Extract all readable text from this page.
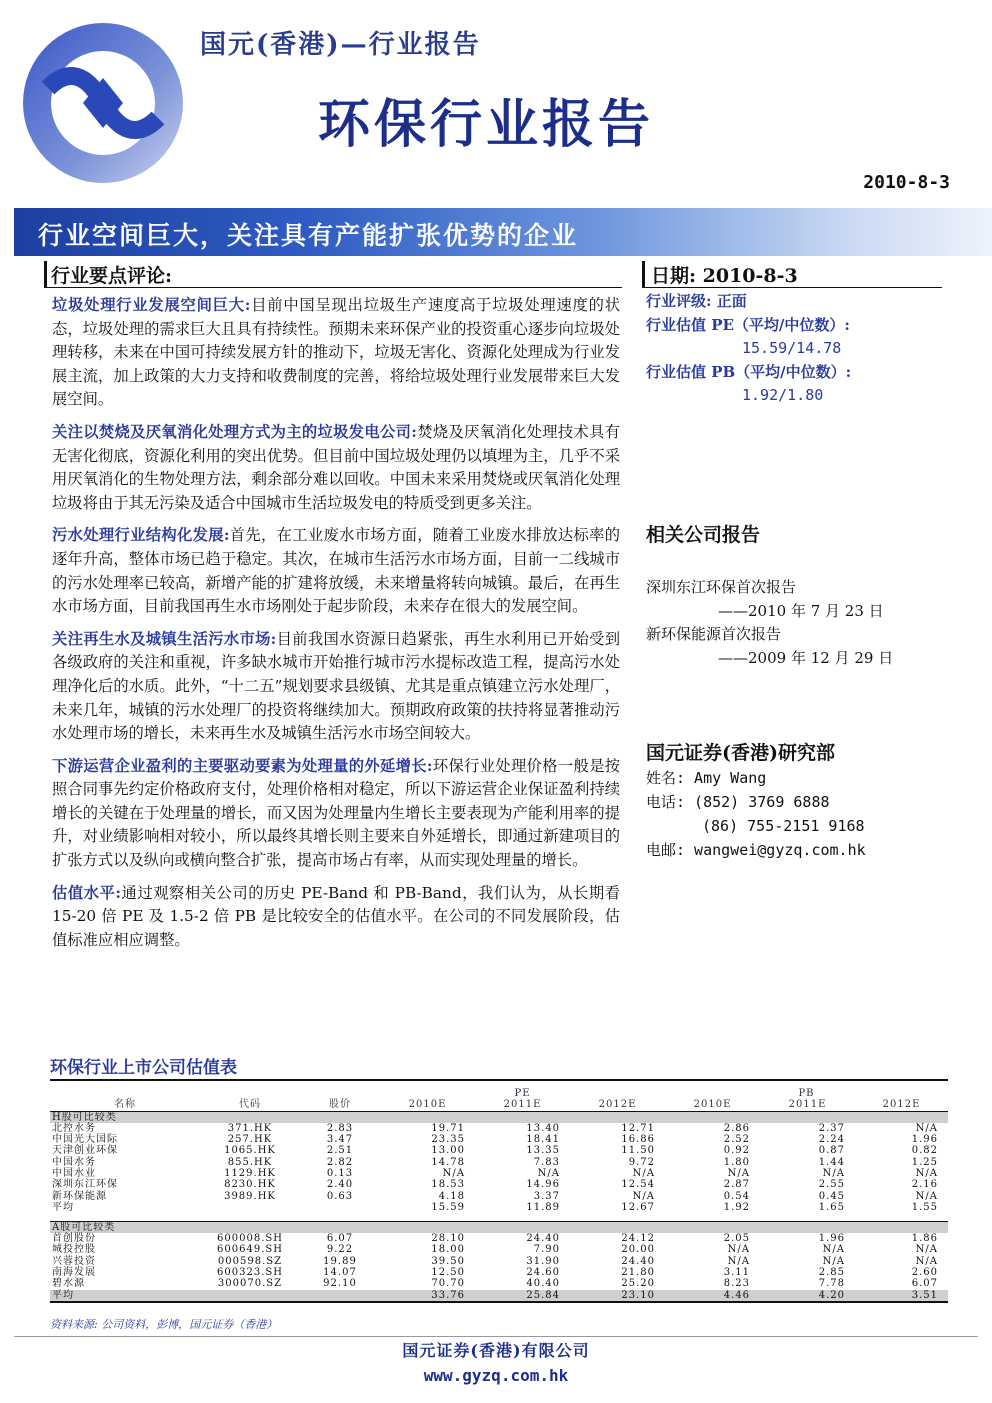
国元(香港)—行业报告
环保行业报告
2010-8-3
行业空间巨大，关注具有产能扩张优势的企业
行业要点评论:	日期: 2010-8-3

垃圾处理行业发展空间巨大:目前中国呈现出垃圾生产速度高于垃圾处理速度的状态，垃圾处理的需求巨大且具有持续性。预期未来环保产业的投资重心逐步向垃圾处理转移，未来在中国可持续发展方针的推动下，垃圾无害化、资源化处理成为行业发展主流，加上政策的大力支持和收费制度的完善，将给垃圾处理行业发展带来巨大发展空间。

关注以焚烧及厌氧消化处理方式为主的垃圾发电公司:焚烧及厌氧消化处理技术具有无害化彻底，资源化利用的突出优势。但目前中国垃圾处理仍以填埋为主，几乎不采用厌氧消化的生物处理方法，剩余部分难以回收。中国未来采用焚烧或厌氧消化处理垃圾将由于其无污染及适合中国城市生活垃圾发电的特质受到更多关注。

污水处理行业结构化发展:首先，在工业废水市场方面，随着工业废水排放达标率的逐年升高，整体市场已趋于稳定。其次，在城市生活污水市场方面，目前一二线城市的污水处理率已较高，新增产能的扩建将放缓，未来增量将转向城镇。最后，在再生水市场方面，目前我国再生水市场刚处于起步阶段，未来存在很大的发展空间。

关注再生水及城镇生活污水市场:目前我国水资源日趋紧张，再生水利用已开始受到各级政府的关注和重视，许多缺水城市开始推行城市污水提标改造工程，提高污水处理净化后的水质。此外，“十二五”规划要求县级镇、尤其是重点镇建立污水处理厂，未来几年，城镇的污水处理厂的投资将继续加大。预期政府政策的扶持将显著推动污水处理市场的增长，未来再生水及城镇生活污水市场空间较大。

下游运营企业盈利的主要驱动要素为处理量的外延增长:环保行业处理价格一般是按照合同事先约定价格政府支付，处理价格相对稳定，所以下游运营企业保证盈利持续增长的关键在于处理量的增长，而又因为处理量内生增长主要表现为产能利用率的提升，对业绩影响相对较小，所以最终其增长则主要来自外延增长，即通过新建项目的扩张方式以及纵向或横向整合扩张，提高市场占有率，从而实现处理量的增长。

估值水平:通过观察相关公司的历史 PE-Band 和 PB-Band，我们认为，从长期看 15-20 倍 PE 及 1.5-2 倍 PB 是比较安全的估值水平。在公司的不同发展阶段，估值标准应相应调整。

行业评级: 正面
行业估值 PE（平均/中位数）:
15.59/14.78
行业估值 PB（平均/中位数）:
1.92/1.80
相关公司报告
深圳东江环保首次报告
——2010 年 7 月 23 日
新环保能源首次报告
——2009 年 12 月 29 日
国元证券(香港)研究部
姓名: Amy Wang
电话: (852) 3769 6888
(86) 755-2151 9168
电邮: wangwei@gyzq.com.hk
环保行业上市公司估值表
			PE			PB		
名称	代码	股价	2010E	2011E	2012E	2010E	2011E	2012E
H股可比较类								
北控水务	371.HK	2.83	19.71	13.40	12.71	2.86	2.37	N/A
中国光大国际	257.HK	3.47	23.35	18.41	16.86	2.52	2.24	1.96
天津创业环保	1065.HK	2.51	13.00	13.35	11.50	0.92	0.87	0.82
中国水务	855.HK	2.82	14.78	7.83	9.72	1.80	1.44	1.25
中国水业	1129.HK	0.13	N/A	N/A	N/A	N/A	N/A	N/A
深圳东江环保	8230.HK	2.40	18.53	14.96	12.54	2.87	2.55	2.16
新环保能源	3989.HK	0.63	4.18	3.37	N/A	0.54	0.45	N/A
平均			15.59	11.89	12.67	1.92	1.65	1.55

A股可比较类								
首创股份	600008.SH	6.07	28.10	24.40	24.12	2.05	1.96	1.86
城投控股	600649.SH	9.22	18.00	7.90	20.00	N/A	N/A	N/A
兴蓉投资	000598.SZ	19.89	39.50	31.90	24.40	N/A	N/A	N/A
南海发展	600323.SH	14.07	12.50	24.60	21.80	3.11	2.85	2.60
碧水源	300070.SZ	92.10	70.70	40.40	25.20	8.23	7.78	6.07
平均			33.76	25.84	23.10	4.46	4.20	3.51
资料来源: 公司资料，彭博，国元证券（香港）
国元证券(香港)有限公司
www.gyzq.com.hk
